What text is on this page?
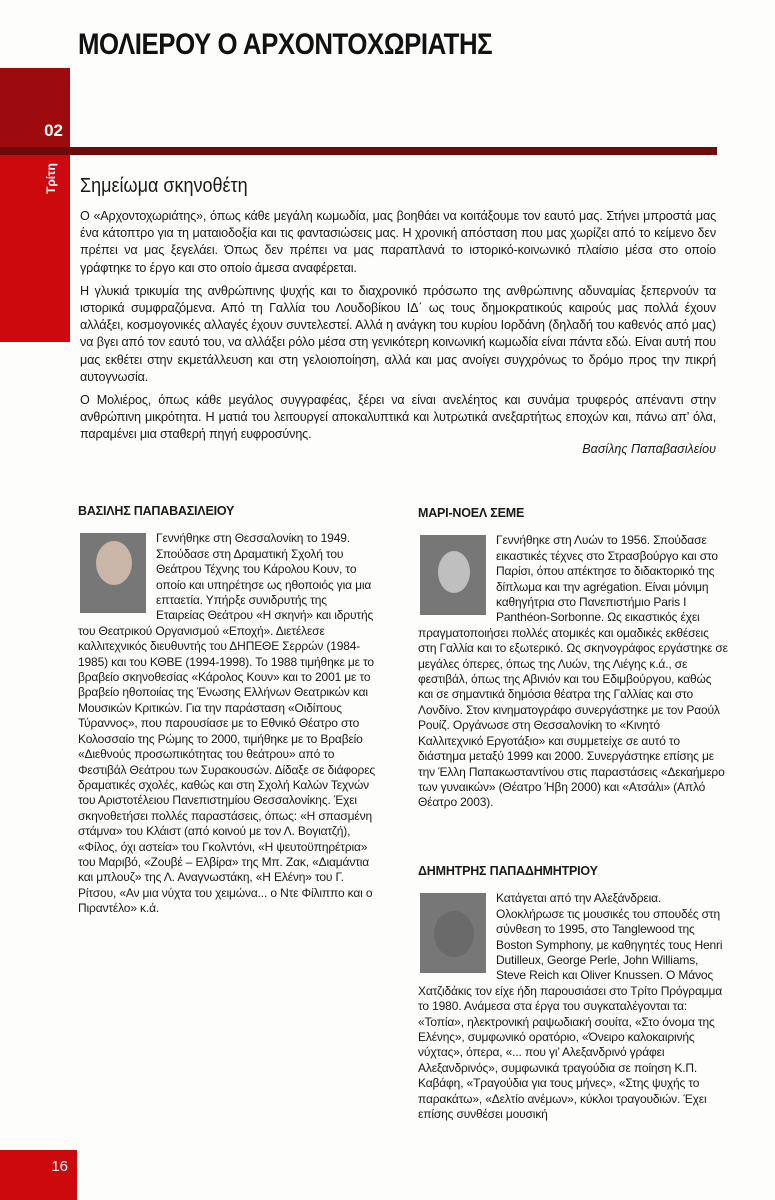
ΜΟΛΙΕΡΟΥ Ο ΑΡΧΟΝΤΟΧΩΡΙΑΤΗΣ
02
Τρίτη Σημείωμα σκηνοθέτη

Ο «Αρχοντοχωριάτης», όπως κάθε μεγάλη κωμωδία, μας βοηθάει να κοιτάξουμε τον εαυτό μας. Στήνει μπροστά μας ένα κάτοπτρο για τη ματαιοδοξία και τις φαντασιώσεις μας. Η χρονική απόσταση που μας χωρίζει από το κείμενο δεν πρέπει να μας ξεγελάει. Όπως δεν πρέπει να μας παραπλανά το ιστορικό-κοινωνικό πλαίσιο μέσα στο οποίο γράφτηκε το έργο και στο οποίο άμεσα αναφέρεται.

Η γλυκιά τρικυμία της ανθρώπινης ψυχής και το διαχρονικό πρόσωπο της ανθρώπινης αδυναμίας ξεπερνούν τα ιστορικά συμφραζόμενα. Από τη Γαλλία του Λουδοβίκου ΙΔ΄ ως τους δημοκρατικούς καιρούς μας πολλά έχουν αλλάξει, κοσμογονικές αλλαγές έχουν συντελεστεί. Αλλά η ανάγκη του κυρίου Ιορδάνη (δηλαδή του καθενός από μας) να βγει από τον εαυτό του, να αλλάξει ρόλο μέσα στη γενικότερη κοινωνική κωμωδία είναι πάντα εδώ. Είναι αυτή που μας εκθέτει στην εκμετάλλευση και στη γελοιοποίηση, αλλά και μας ανοίγει συγχρόνως το δρόμο προς την πικρή αυτογνωσία.

Ο Μολιέρος, όπως κάθε μεγάλος συγγραφέας, ξέρει να είναι ανελέητος και συνάμα τρυφερός απέναντι στην ανθρώπινη μικρότητα. Η ματιά του λειτουργεί αποκαλυπτικά και λυτρωτικά ανεξαρτήτως εποχών και, πάνω απ’ όλα, παραμένει μια σταθερή πηγή ευφροσύνης.

Βασίλης Παπαβασιλείου
ΒΑΣΙΛΗΣ ΠΑΠΑΒΑΣΙΛΕΙΟΥ
Γεννήθηκε στη Θεσσαλονίκη το 1949. Σπούδασε στη Δραματική Σχολή του Θεάτρου Τέχνης του Κάρολου Κουν, το οποίο και υπηρέτησε ως ηθοποιός για μια επταετία. Υπήρξε συνιδρυτής της Εταιρείας Θεάτρου «Η σκηνή» και ιδρυτής του Θεατρικού Οργανισμού «Εποχή». Διετέλεσε καλλιτεχνικός διευθυντής του ΔΗΠΕΘΕ Σερρών (1984-1985) και του ΚΘΒΕ (1994-1998). Το 1988 τιμήθηκε με το βραβείο σκηνοθεσίας «Κάρολος Κουν» και το 2001 με το βραβείο ηθοποιίας της Ένωσης Ελλήνων Θεατρικών και Μουσικών Κριτικών. Για την παράσταση «Οιδίπους Τύραννος», που παρουσίασε με το Εθνικό Θέατρο στο Κολοσσαίο της Ρώμης το 2000, τιμήθηκε με το Βραβείο «Διεθνούς προσωπικότητας του θεάτρου» από το Φεστιβάλ Θεάτρου των Συρακουσών. Δίδαξε σε διάφορες δραματικές σχολές, καθώς και στη Σχολή Καλών Τεχνών του Αριστοτέλειου Πανεπιστημίου Θεσσαλονίκης. Έχει σκηνοθετήσει πολλές παραστάσεις, όπως: «Η σπασμένη στάμνα» του Κλάιστ (από κοινού με τον Λ. Βογιατζή), «Φίλος, όχι αστεία» του Γκολντόνι, «Η ψευτοϋπηρέτρια» του Μαριβό, «Ζουβέ – Ελβίρα» της Μπ. Ζακ, «Διαμάντια και μπλουζ» της Λ. Αναγνωστάκη, «Η Ελένη» του Γ. Ρίτσου, «Αν μια νύχτα του χειμώνα... ο Ντε Φίλιππο και ο Πιραντέλο» κ.ά.
ΜΑΡΙ-ΝΟΕΛ ΣΕΜΕ
Γεννήθηκε στη Λυών το 1956. Σπούδασε εικαστικές τέχνες στο Στρασβούργο και στο Παρίσι, όπου απέκτησε το διδακτορικό της δίπλωμα και την agrégation. Είναι μόνιμη καθηγήτρια στο Πανεπιστήμιο Paris I Panthéon-Sorbonne. Ως εικαστικός έχει πραγματοποιήσει πολλές ατομικές και ομαδικές εκθέσεις στη Γαλλία και το εξωτερικό. Ως σκηνογράφος εργάστηκε σε μεγάλες όπερες, όπως της Λυών, της Λιέγης κ.ά., σε φεστιβάλ, όπως της Αβινιόν και του Εδιμβούργου, καθώς και σε σημαντικά δημόσια θέατρα της Γαλλίας και στο Λονδίνο. Στον κινηματογράφο συνεργάστηκε με τον Ραούλ Ρουίζ. Οργάνωσε στη Θεσσαλονίκη το «Κινητό Καλλιτεχνικό Εργοτάξιο» και συμμετείχε σε αυτό το διάστημα μεταξύ 1999 και 2000. Συνεργάστηκε επίσης με την Έλλη Παπακωσταντίνου στις παραστάσεις «Δεκαήμερο των γυναικών» (Θέατρο Ήβη 2000) και «Ατσάλι» (Απλό Θέατρο 2003).
ΔΗΜΗΤΡΗΣ ΠΑΠΑΔΗΜΗΤΡΙΟΥ
Κατάγεται από την Αλεξάνδρεια. Ολοκλήρωσε τις μουσικές του σπουδές στη σύνθεση το 1995, στο Tanglewood της Boston Symphony, με καθηγητές τους Henri Dutilleux, George Perle, John Williams, Steve Reich και Oliver Knussen. Ο Μάνος Χατζιδάκις τον είχε ήδη παρουσιάσει στο Τρίτο Πρόγραμμα το 1980. Ανάμεσα στα έργα του συγκαταλέγονται τα: «Τοπία», ηλεκτρονική ραψωδιακή σουίτα, «Στο όνομα της Ελένης», συμφωνικό ορατόριο, «Όνειρο καλοκαιρινής νύχτας», όπερα, «... που γι’ Αλεξανδρινό γράφει Αλεξανδρινός», συμφωνικά τραγούδια σε ποίηση Κ.Π. Καβάφη, «Τραγούδια για τους μήνες», «Στης ψυχής το παρακάτω», «Δελτίο ανέμων», κύκλοι τραγουδιών. Έχει επίσης συνθέσει μουσική
16
